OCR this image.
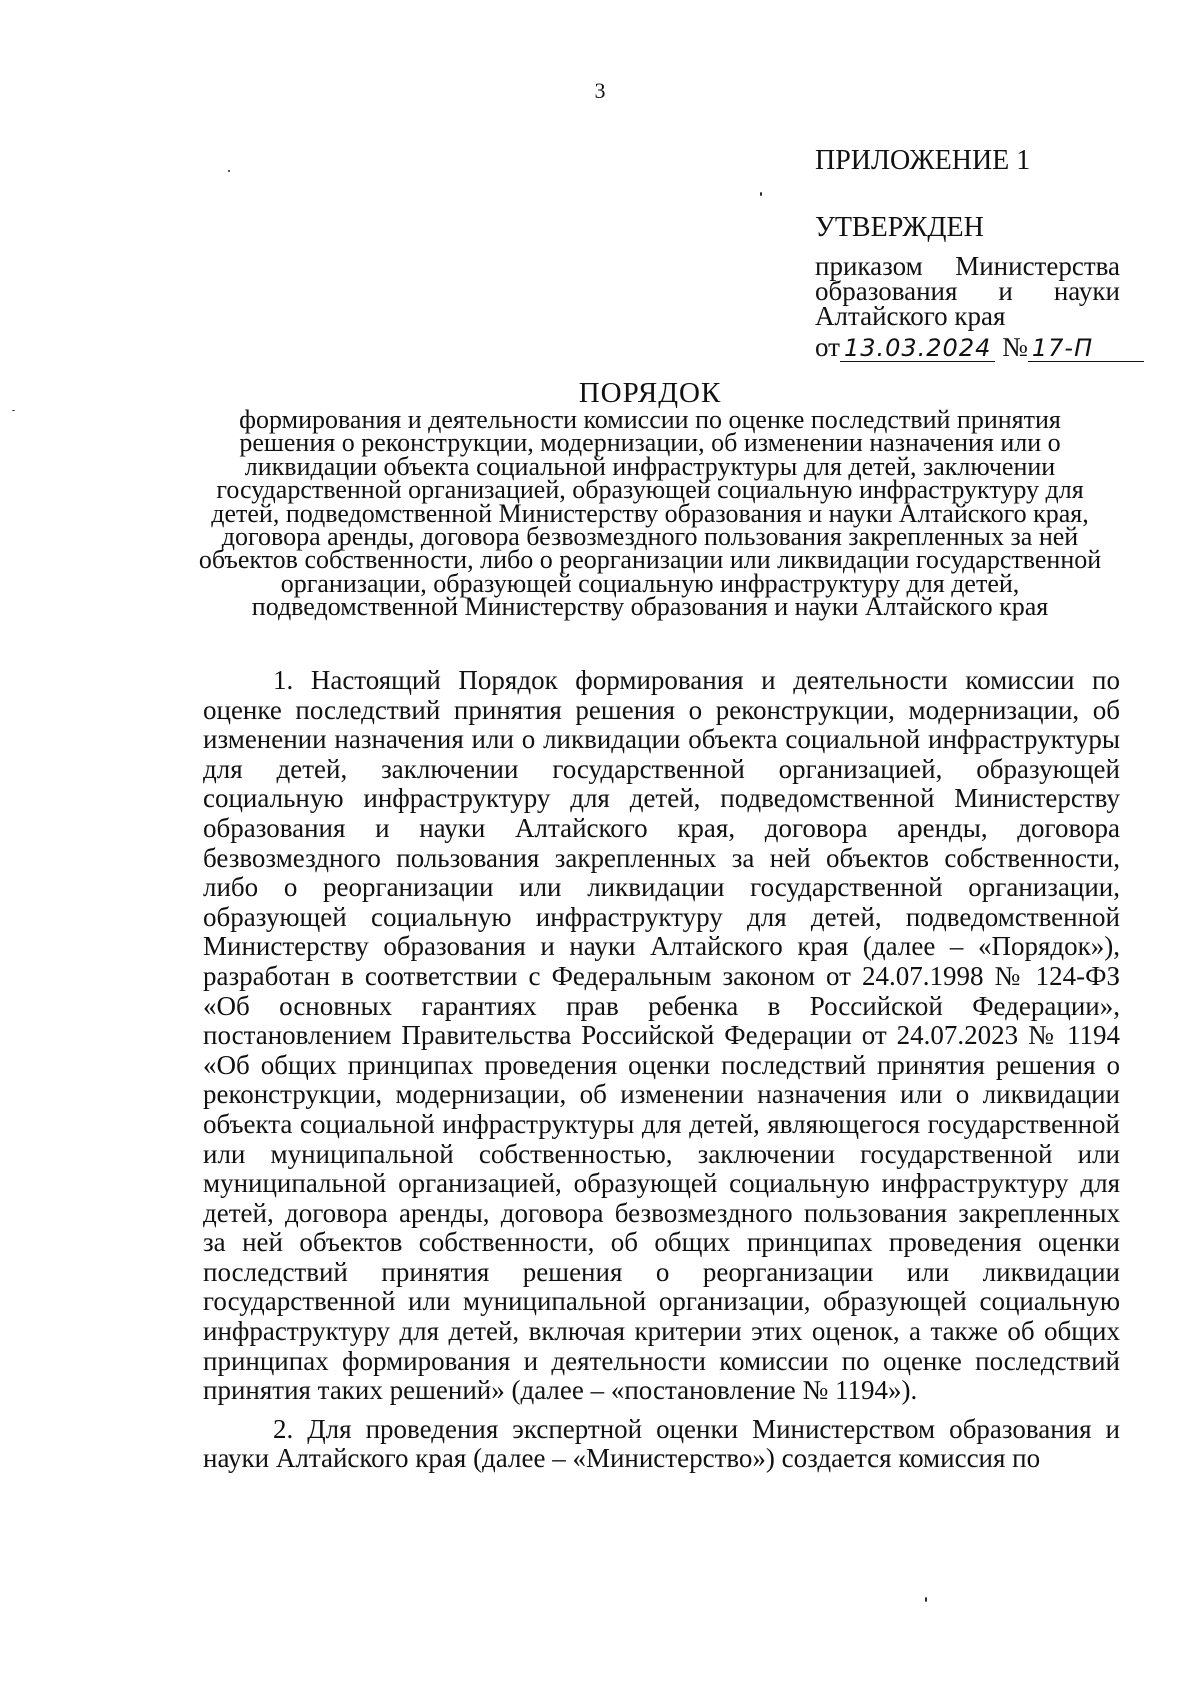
3
ПРИЛОЖЕНИЕ 1
УТВЕРЖДЕН
приказом Министерства
образования и науки
Алтайского края
от 13.03.2024 № 17-П
ПОРЯДОК
формирования и деятельности комиссии по оценке последствий принятия решения о реконструкции, модернизации, об изменении назначения или о ликвидации объекта социальной инфраструктуры для детей, заключении государственной организацией, образующей социальную инфраструктуру для детей, подведомственной Министерству образования и науки Алтайского края, договора аренды, договора безвозмездного пользования закрепленных за ней объектов собственности, либо о реорганизации или ликвидации государственной организации, образующей социальную инфраструктуру для детей, подведомственной Министерству образования и науки Алтайского края

1. Настоящий Порядок формирования и деятельности комиссии по оценке последствий принятия решения о реконструкции, модернизации, об изменении назначения или о ликвидации объекта социальной инфраструктуры для детей, заключении государственной организацией, образующей социальную инфраструктуру для детей, подведомственной Министерству образования и науки Алтайского края, договора аренды, договора безвозмездного пользования закрепленных за ней объектов собственности, либо о реорганизации или ликвидации государственной организации, образующей социальную инфраструктуру для детей, подведомственной Министерству образования и науки Алтайского края (далее – «Порядок»), разработан в соответствии с Федеральным законом от 24.07.1998 № 124-ФЗ «Об основных гарантиях прав ребенка в Российской Федерации», постановлением Правительства Российской Федерации от 24.07.2023 № 1194 «Об общих принципах проведения оценки последствий принятия решения о реконструкции, модернизации, об изменении назначения или о ликвидации объекта социальной инфраструктуры для детей, являющегося государственной или муниципальной собственностью, заключении государственной или муниципальной организацией, образующей социальную инфраструктуру для детей, договора аренды, договора безвозмездного пользования закрепленных за ней объектов собственности, об общих принципах проведения оценки последствий принятия решения о реорганизации или ликвидации государственной или муниципальной организации, образующей социальную инфраструктуру для детей, включая критерии этих оценок, а также об общих принципах формирования и деятельности комиссии по оценке последствий принятия таких решений» (далее – «постановление № 1194»).

2. Для проведения экспертной оценки Министерством образования и науки Алтайского края (далее – «Министерство») создается комиссия по
